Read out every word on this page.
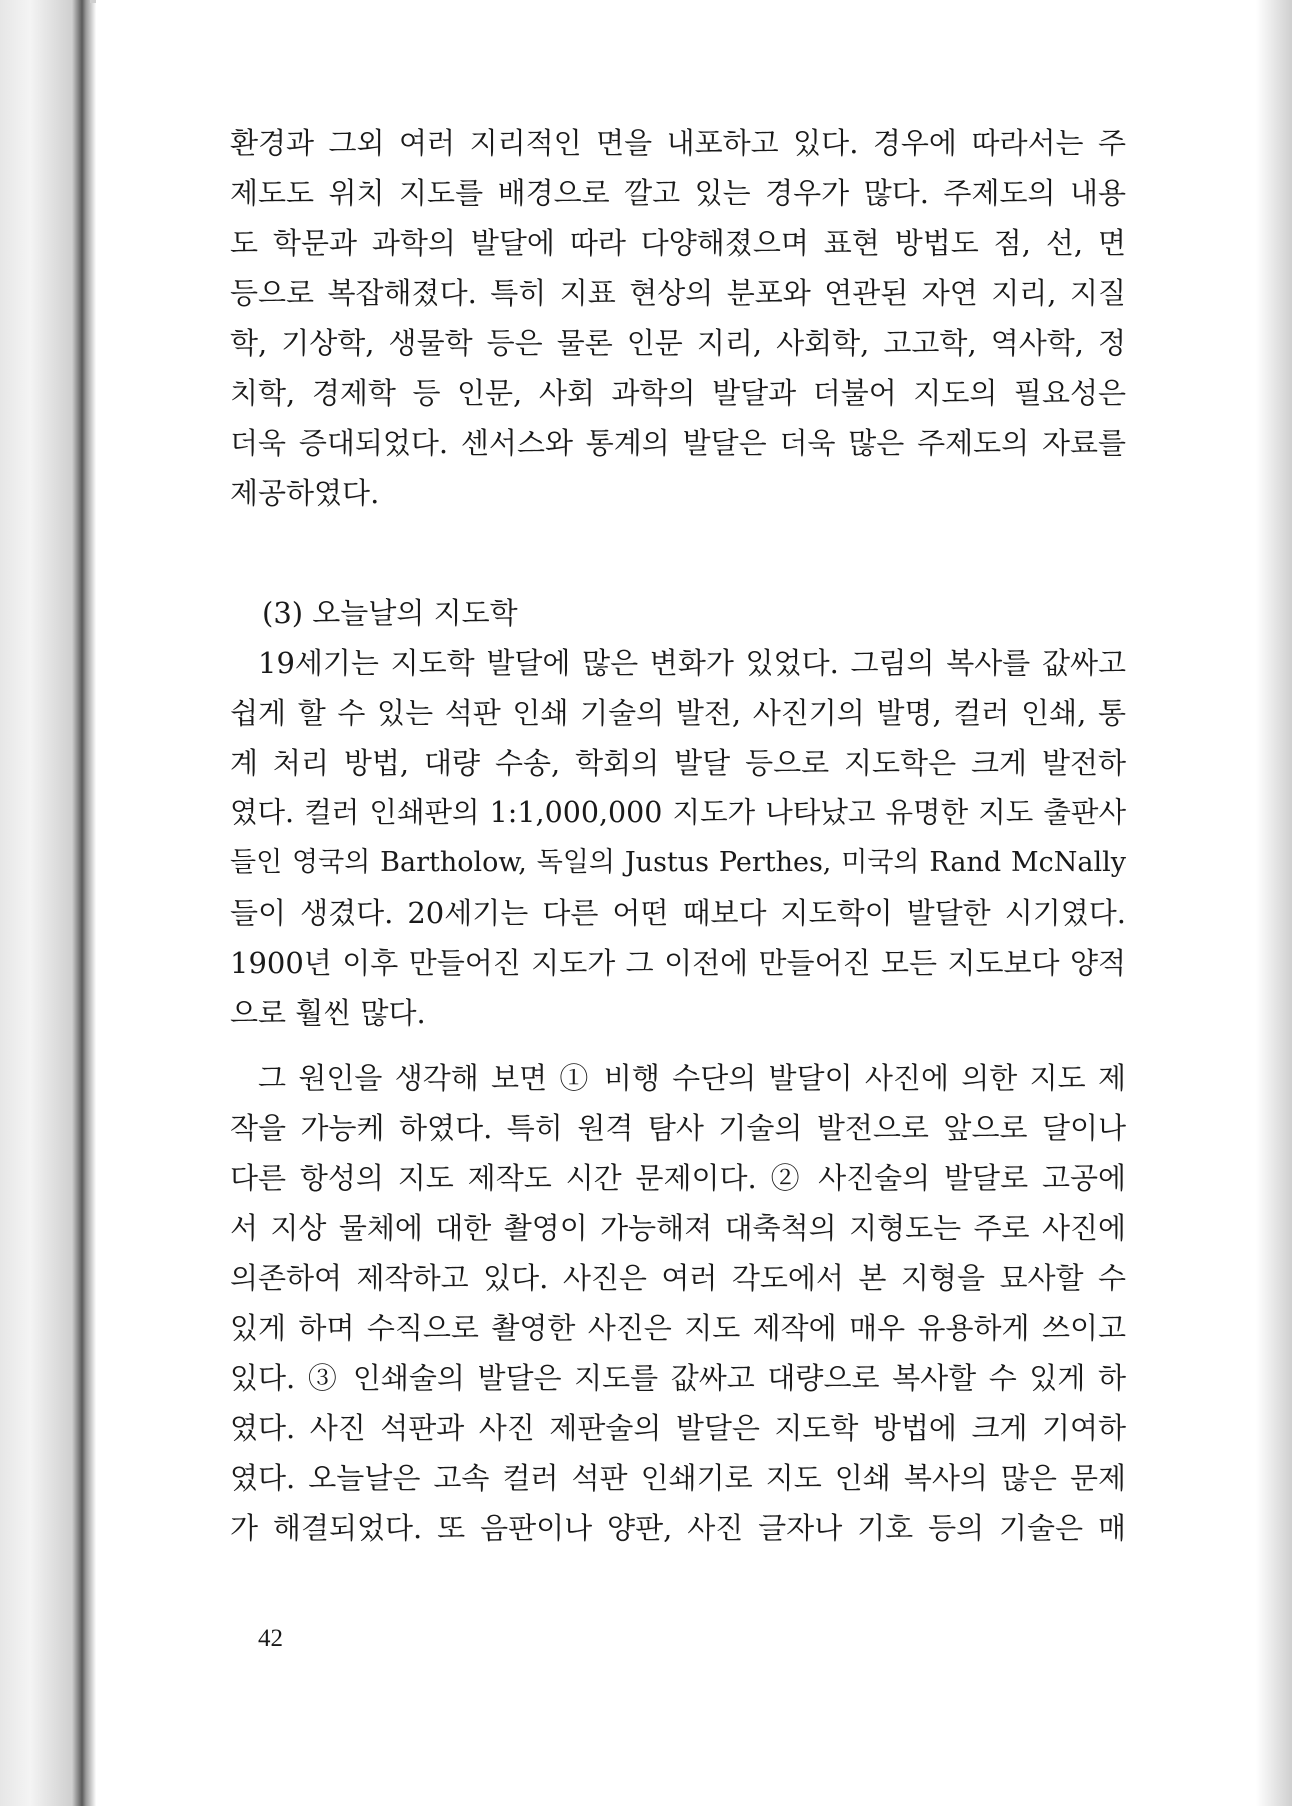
환경과 그외 여러 지리적인 면을 내포하고 있다. 경우에 따라서는 주
제도도 위치 지도를 배경으로 깔고 있는 경우가 많다. 주제도의 내용
도 학문과 과학의 발달에 따라 다양해졌으며 표현 방법도 점, 선, 면
등으로 복잡해졌다. 특히 지표 현상의 분포와 연관된 자연 지리, 지질
학, 기상학, 생물학 등은 물론 인문 지리, 사회학, 고고학, 역사학, 정
치학, 경제학 등 인문, 사회 과학의 발달과 더불어 지도의 필요성은
더욱 증대되었다. 센서스와 통계의 발달은 더욱 많은 주제도의 자료를
제공하였다.
(3) 오늘날의 지도학
19세기는 지도학 발달에 많은 변화가 있었다. 그림의 복사를 값싸고
쉽게 할 수 있는 석판 인쇄 기술의 발전, 사진기의 발명, 컬러 인쇄, 통
계 처리 방법, 대량 수송, 학회의 발달 등으로 지도학은 크게 발전하
였다. 컬러 인쇄판의 1:1,000,000 지도가 나타났고 유명한 지도 출판사
들인 영국의 Bartholow, 독일의 Justus Perthes, 미국의 Rand McNally
들이 생겼다. 20세기는 다른 어떤 때보다 지도학이 발달한 시기였다.
1900년 이후 만들어진 지도가 그 이전에 만들어진 모든 지도보다 양적
으로 훨씬 많다.
그 원인을 생각해 보면 ① 비행 수단의 발달이 사진에 의한 지도 제
작을 가능케 하였다. 특히 원격 탐사 기술의 발전으로 앞으로 달이나
다른 항성의 지도 제작도 시간 문제이다. ② 사진술의 발달로 고공에
서 지상 물체에 대한 촬영이 가능해져 대축척의 지형도는 주로 사진에
의존하여 제작하고 있다. 사진은 여러 각도에서 본 지형을 묘사할 수
있게 하며 수직으로 촬영한 사진은 지도 제작에 매우 유용하게 쓰이고
있다. ③ 인쇄술의 발달은 지도를 값싸고 대량으로 복사할 수 있게 하
였다. 사진 석판과 사진 제판술의 발달은 지도학 방법에 크게 기여하
였다. 오늘날은 고속 컬러 석판 인쇄기로 지도 인쇄 복사의 많은 문제
가 해결되었다. 또 음판이나 양판, 사진 글자나 기호 등의 기술은 매
42
